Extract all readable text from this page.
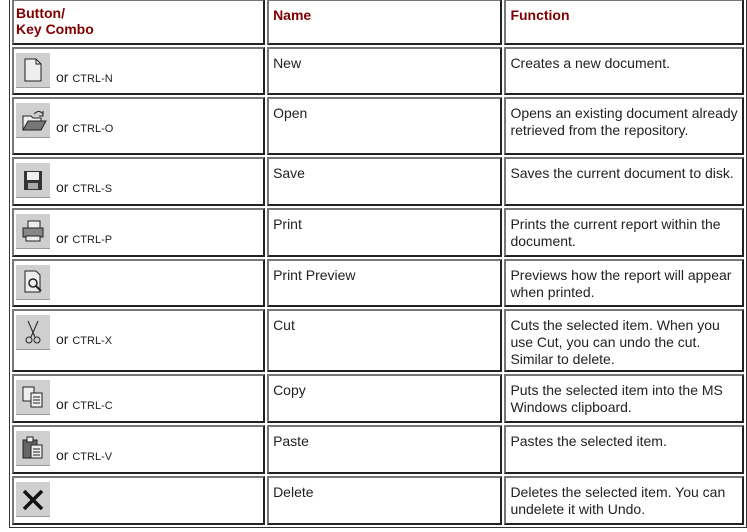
Button/
Key Combo	Name	Function

or CTRL-N	New	Creates a new document.

or CTRL-O	Open	Opens an existing document already retrieved from the repository.

or CTRL-S	Save	Saves the current document to disk.

or CTRL-P	Print	Prints the current report within the document.

	Print Preview	Previews how the report will appear when printed.

or CTRL-X	Cut	Cuts the selected item. When you use Cut, you can undo the cut. Similar to delete.

or CTRL-C	Copy	Puts the selected item into the MS Windows clipboard.

or CTRL-V	Paste	Pastes the selected item.

	Delete	Deletes the selected item. You can undelete it with Undo.
